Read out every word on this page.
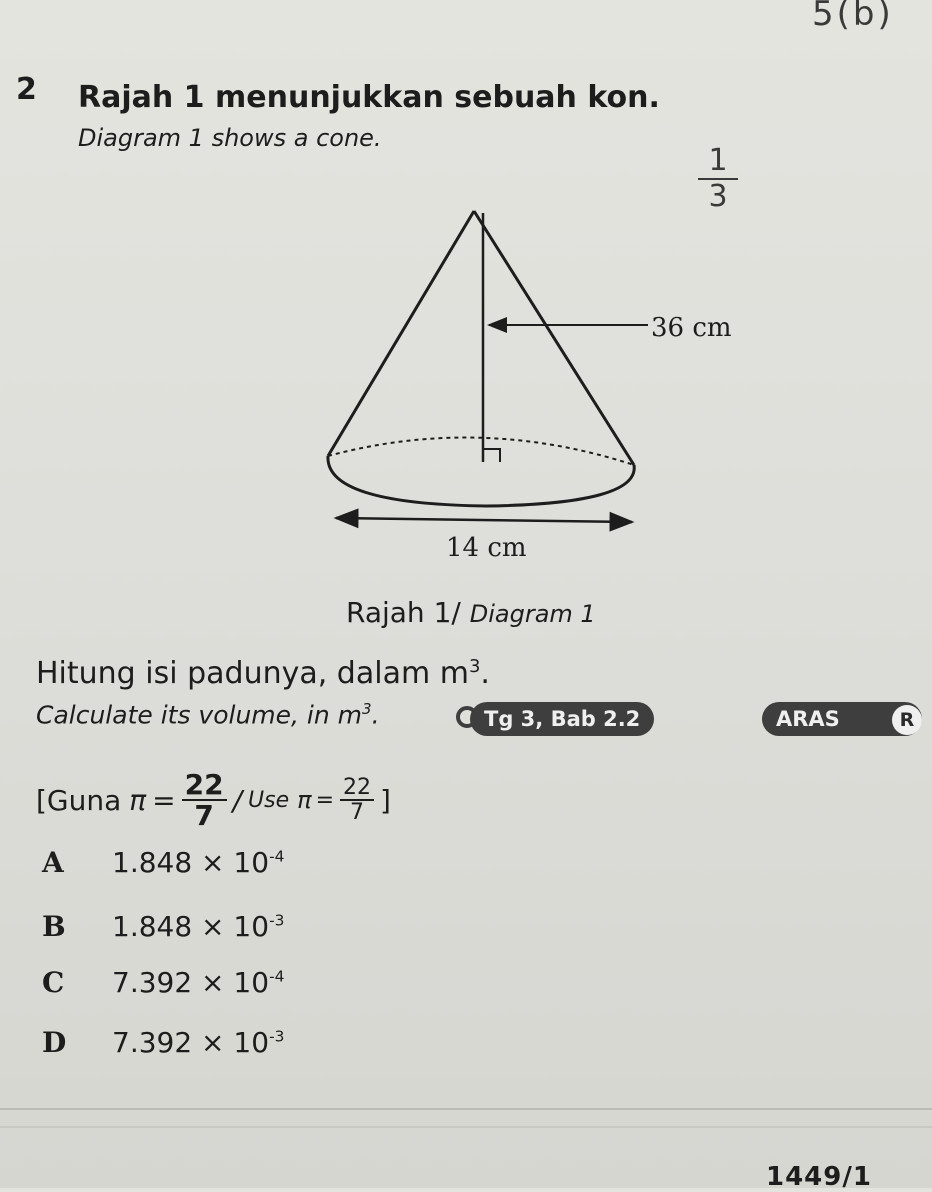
5(b)
$\frac{1}{3}$
2 Rajah 1 menunjukkan sebuah kon.
Diagram 1 shows a cone.
36 cm
14 cm
Rajah 1/ Diagram 1
Hitung isi padunya, dalam $m^3$.
Calculate its volume, in $m^3$.	Tg 3, Bab 2.2	ARAS	R
[Guna $\pi = \frac{22}{7}$ / Use $\pi = \frac{22}{7}$ ]
A	$1.848 \times 10^{-4}$
B	$1.848 \times 10^{-3}$
C	$7.392 \times 10^{-4}$
D	$7.392 \times 10^{-3}$
1449/1
